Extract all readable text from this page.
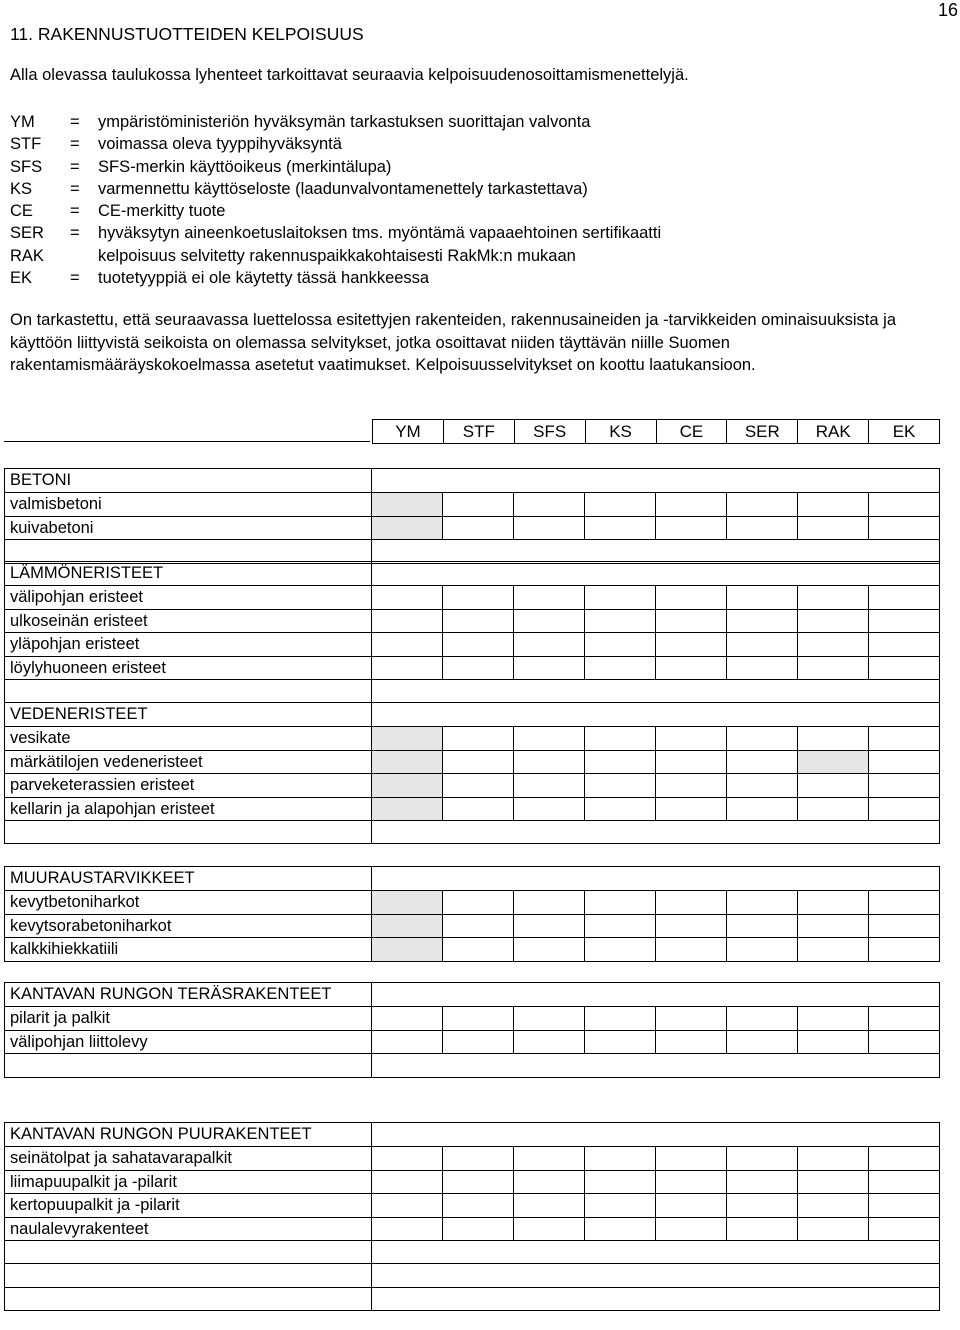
16
11. RAKENNUSTUOTTEIDEN KELPOISUUS
Alla olevassa taulukossa lyhenteet tarkoittavat seuraavia kelpoisuudenosoittamismenettelyjä.
YM = ympäristöministeriön hyväksymän tarkastuksen suorittajan valvonta
STF = voimassa oleva tyyppihyväksyntä
SFS = SFS-merkin käyttöoikeus (merkintälupa)
KS = varmennettu käyttöseloste (laadunvalvontamenettely tarkastettava)
CE = CE-merkitty tuote
SER = hyväksytyn aineenkoetuslaitoksen tms. myöntämä vapaaehtoinen sertifikaatti
RAK	kelpoisuus selvitetty rakennuspaikkakohtaisesti RakMk:n mukaan
EK = tuotetyyppiä ei ole käytetty tässä hankkeessa
On tarkastettu, että seuraavassa luettelossa esitettyjen rakenteiden, rakennusaineiden ja -tarvikkeiden ominaisuuksista ja käyttöön liittyvistä seikoista on olemassa selvitykset, jotka osoittavat niiden täyttävän niille Suomen rakentamismääräyskokoelmassa asetetut vaatimukset. Kelpoisuusselvitykset on koottu laatukansioon.
YM	STF	SFS	KS	CE	SER	RAK	EK
BETONI
valmisbetoni
kuivabetoni
LÄMMÖNERISTEET
välipohjan eristeet
ulkoseinän eristeet
yläpohjan eristeet
löylyhuoneen eristeet
VEDENERISTEET
vesikate
märkätilojen vedeneristeet
parveketerassien eristeet
kellarin ja alapohjan eristeet
MUURAUSTARVIKKEET
kevytbetoniharkot
kevytsorabetoniharkot
kalkkihiekkatiili
KANTAVAN RUNGON TERÄSRAKENTEET
pilarit ja palkit
välipohjan liittolevy
KANTAVAN RUNGON PUURAKENTEET
seinätolpat ja sahatavarapalkit
liimapuupalkit ja -pilarit
kertopuupalkit ja -pilarit
naulalevyrakenteet
